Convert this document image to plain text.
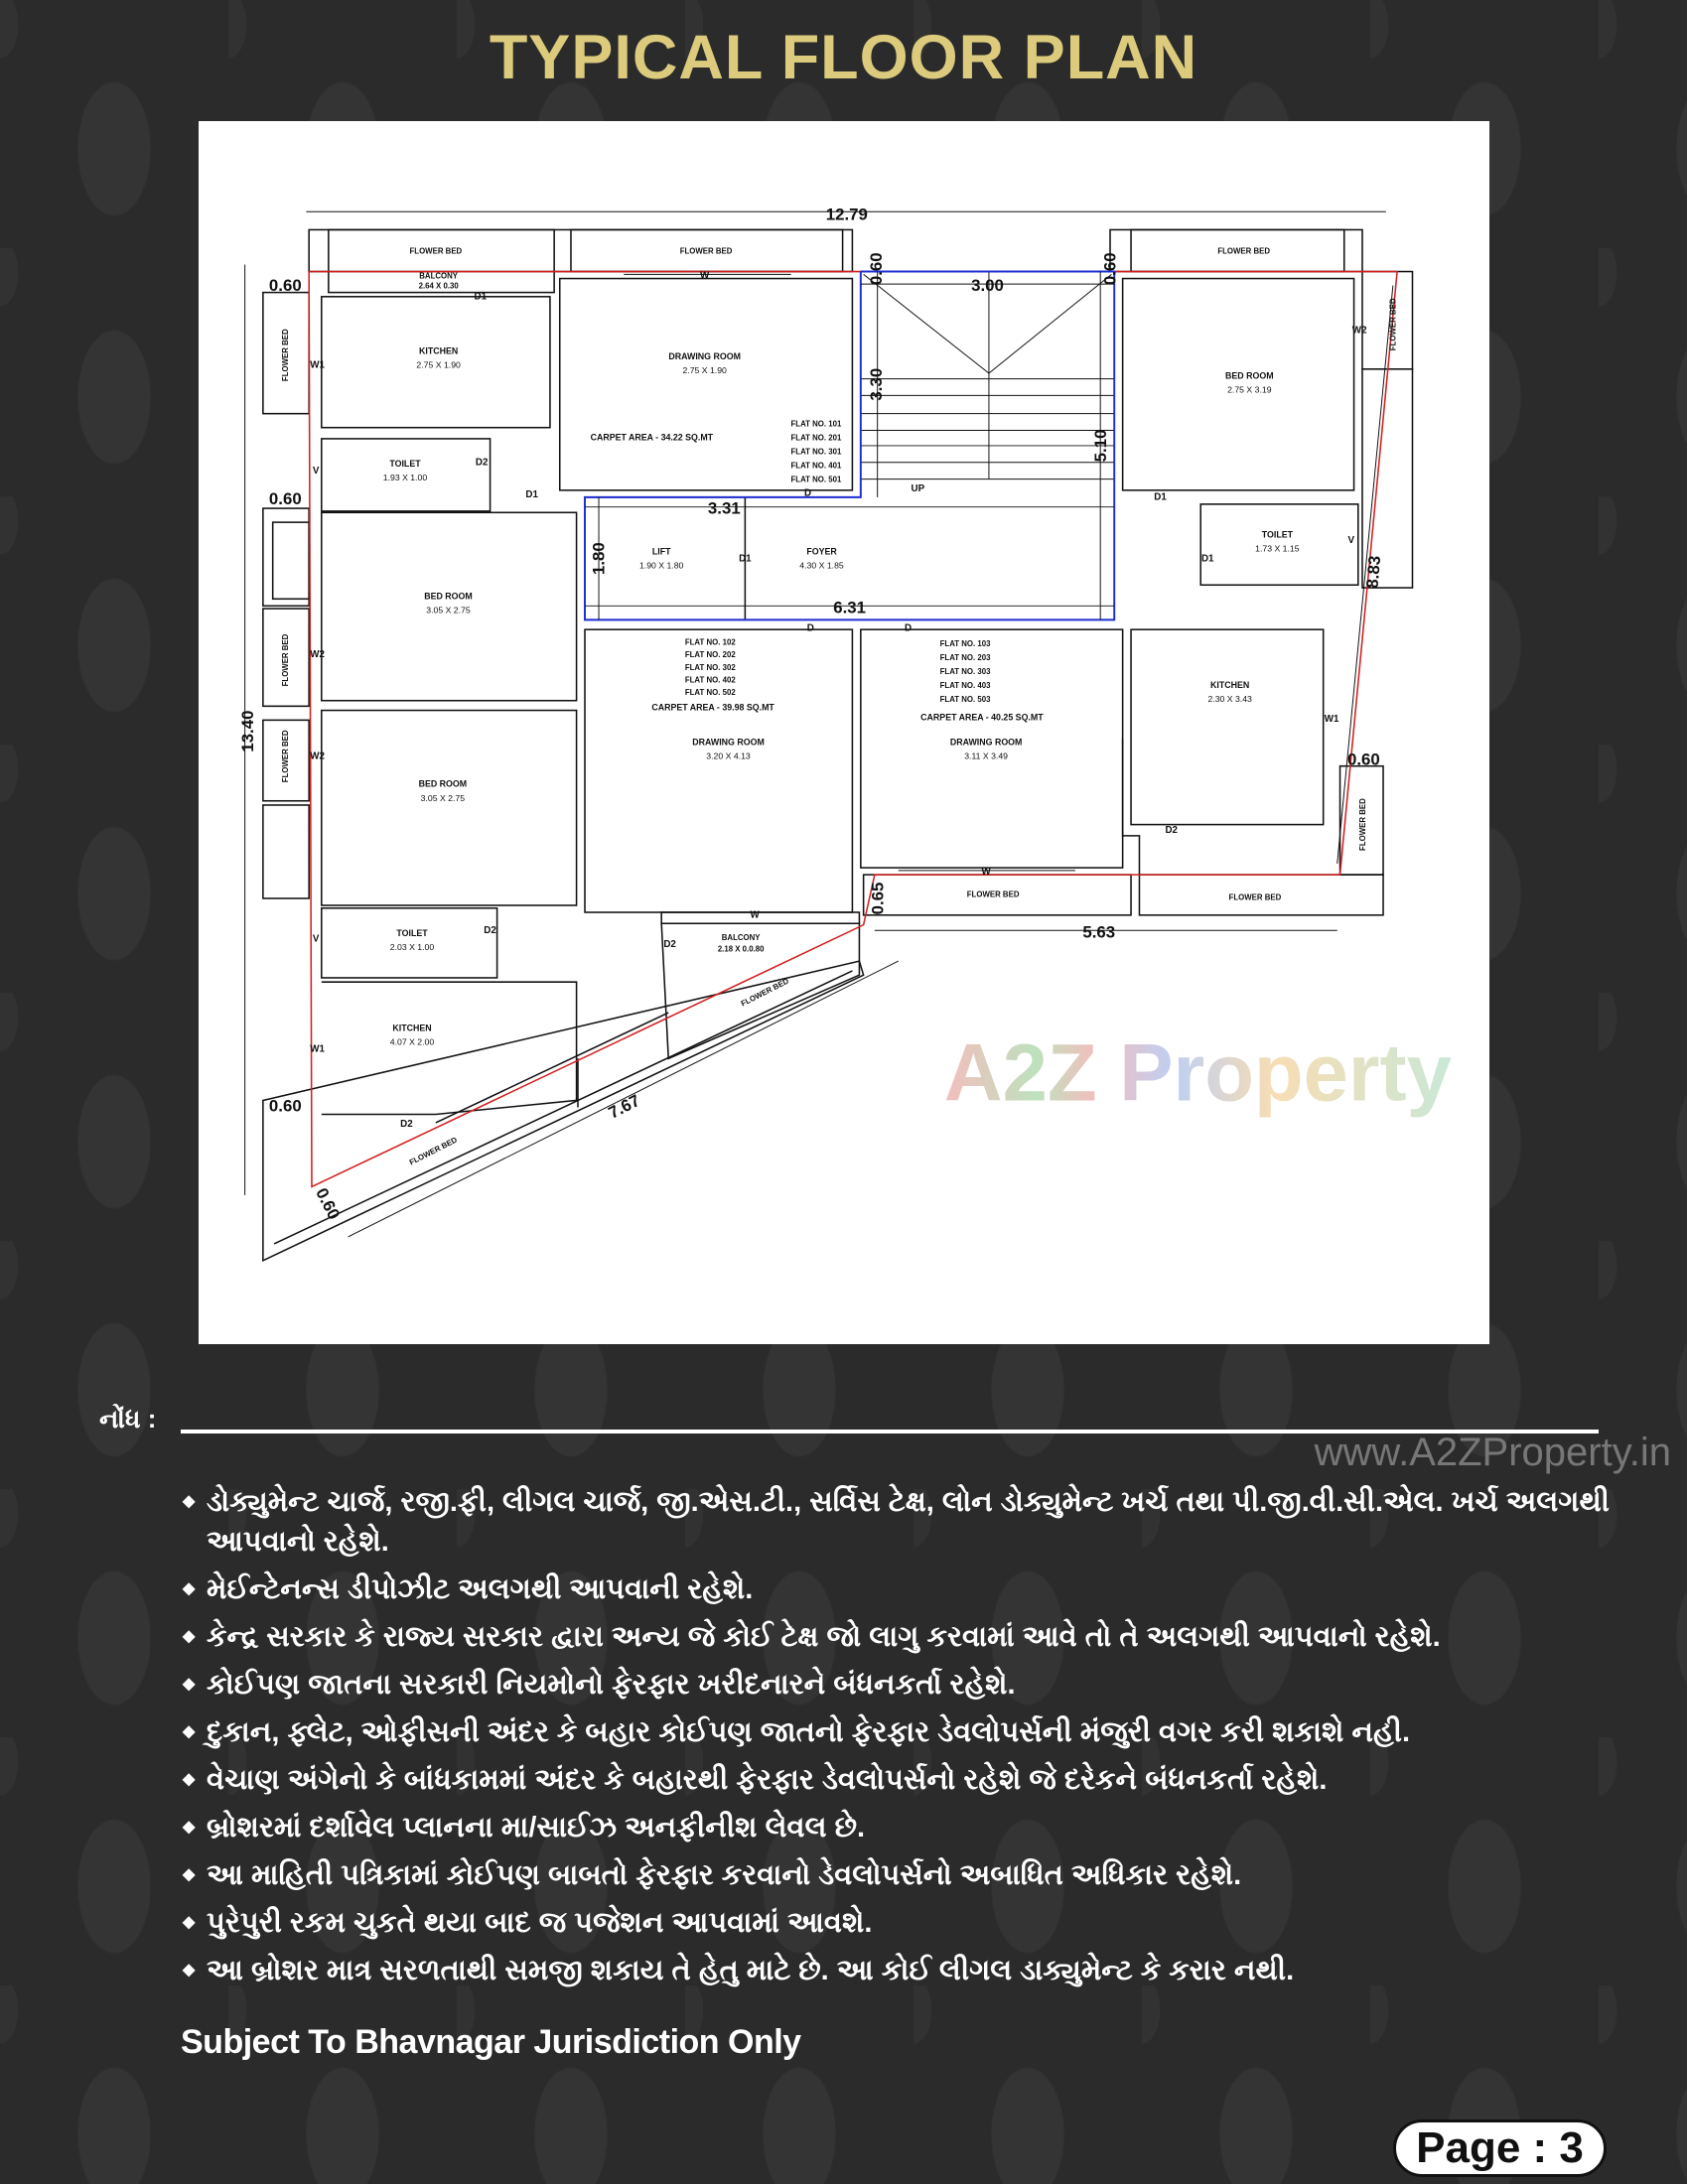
TYPICAL FLOOR PLAN
A2Z Property
12.79
3.00
3.31
6.31
5.63
1.80
3.30
5.10
13.40
7.67
8.83
0.65
0.60
0.60
0.60
0.60
0.60	0.60
0.60
FLOWER BED	FLOWER BED	FLOWER BED
FLOWER BED	FLOWER BED
FLOWER BED
FLOWER BED
FLOWER BED
FLOWER BED
FLOWER BED
FLOWER BED
FLOWER BED
BALCONY
2.64 X 0.30
KITCHEN
2.75 X 1.90
DRAWING ROOM
2.75 X 1.90
CARPET AREA - 34.22 SQ.MT
FLAT NO. 101
FLAT NO. 201
FLAT NO. 301
FLAT NO. 401
FLAT NO. 501
TOILET
1.93 X 1.00
BED ROOM
3.05 X 2.75
LIFT
1.90 X 1.80
FOYER
4.30 X 1.85
UP
FLAT NO. 102
FLAT NO. 202
FLAT NO. 302
FLAT NO. 402
FLAT NO. 502
CARPET AREA - 39.98 SQ.MT
DRAWING ROOM
3.20 X 4.13
BED ROOM
3.05 X 2.75
TOILET
2.03 X 1.00
KITCHEN
4.07 X 2.00
BALCONY
2.18 X 0.0.80
BED ROOM
2.75 X 3.19
TOILET
1.73 X 1.15
FLAT NO. 103
FLAT NO. 203
FLAT NO. 303
FLAT NO. 403
FLAT NO. 503
CARPET AREA - 40.25 SQ.MT
DRAWING ROOM
3.11 X 3.49
KITCHEN
2.30 X 3.43
D1
D2
D1	D
D1
D	D
D2
D2
D2
D1
D1
D2
W
W
W
W1
W2
W2
W1
W2
W1
V
V
V
નોંધ :
www.A2ZProperty.in
◆ ડોક્યુમેન્ટ ચાર્જ, રજી.ફી, લીગલ ચાર્જ, જી.એસ.ટી., સર્વિસ ટેક્ષ, લોન ડોક્યુમેન્ટ ખર્ચ તથા પી.જી.વી.સી.એલ. ખર્ચ અલગથી આપવાનો રહેશે.
◆ મેઈન્ટેનન્સ ડીપોઝીટ અલગથી આપવાની રહેશે.
◆ કેન્દ્ર સરકાર કે રાજ્ય સરકાર દ્વારા અન્ય જે કોઈ ટેક્ષ જો લાગુ કરવામાં આવે તો તે અલગથી આપવાનો રહેશે.
◆ કોઈપણ જાતના સરકારી નિયમોનો ફેરફાર ખરીદનારને બંધનકર્તા રહેશે.
◆ દુકાન, ફ્લેટ, ઓફીસની અંદર કે બહાર કોઈપણ જાતનો ફેરફાર ડેવલોપર્સની મંજુરી વગર કરી શકાશે નહી.
◆ વેચાણ અંગેનો કે બાંધકામમાં અંદર કે બહારથી ફેરફાર ડેવલોપર્સનો રહેશે જે દરેકને બંધનકર્તા રહેશે.
◆ બ્રોશરમાં દર્શાવેલ પ્લાનના મા/સાઈઝ અનફીનીશ લેવલ છે.
◆ આ માહિતી પત્રિકામાં કોઈપણ બાબતો ફેરફાર કરવાનો ડેવલોપર્સનો અબાધિત અધિકાર રહેશે.
◆ પુરેપુરી રકમ ચુકતે થયા બાદ જ પજેશન આપવામાં આવશે.
◆ આ બ્રોશર માત્ર સરળતાથી સમજી શકાય તે હેતુ માટે છે. આ કોઈ લીગલ ડાક્યુમેન્ટ કે કરાર નથી.
Subject To Bhavnagar Jurisdiction Only
Page : 3
